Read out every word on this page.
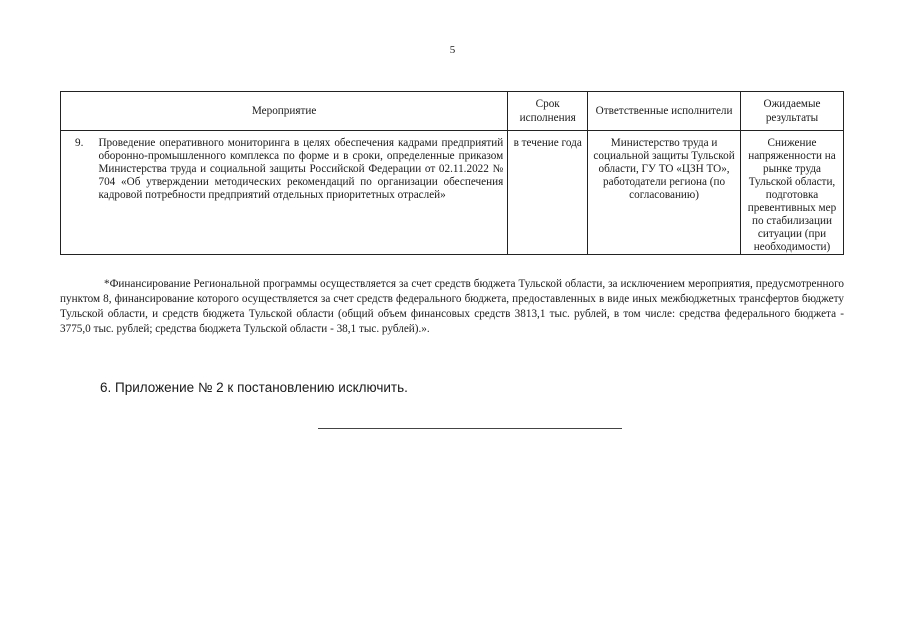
5
Мероприятие		Срок исполнения	Ответственные исполнители	Ожидаемые результаты
9.	Проведение оперативного мониторинга в целях обеспечения кадрами предприятий оборонно-промышленного комплекса по форме и в сроки, определенные приказом Министерства труда и социальной защиты Российской Федерации от 02.11.2022 № 704 «Об утверждении методических рекомендаций по организации обеспечения кадровой потребности предприятий отдельных приоритетных отраслей»	в течение года	Министерство труда и социальной защиты Тульской области, ГУ ТО «ЦЗН ТО», работодатели региона (по согласованию)	Снижение напряженности на рынке труда Тульской области, подготовка превентивных мер по стабилизации ситуации (при необходимости)
*Финансирование Региональной программы осуществляется за счет средств бюджета Тульской области, за исключением мероприятия, предусмотренного пунктом 8, финансирование которого осуществляется за счет средств федерального бюджета, предоставленных в виде иных межбюджетных трансфертов бюджету Тульской области, и средств бюджета Тульской области (общий объем финансовых средств 3813,1 тыс. рублей, в том числе: средства федерального бюджета - 3775,0 тыс. рублей; средства бюджета Тульской области - 38,1 тыс. рублей).».
6. Приложение № 2 к постановлению исключить.
